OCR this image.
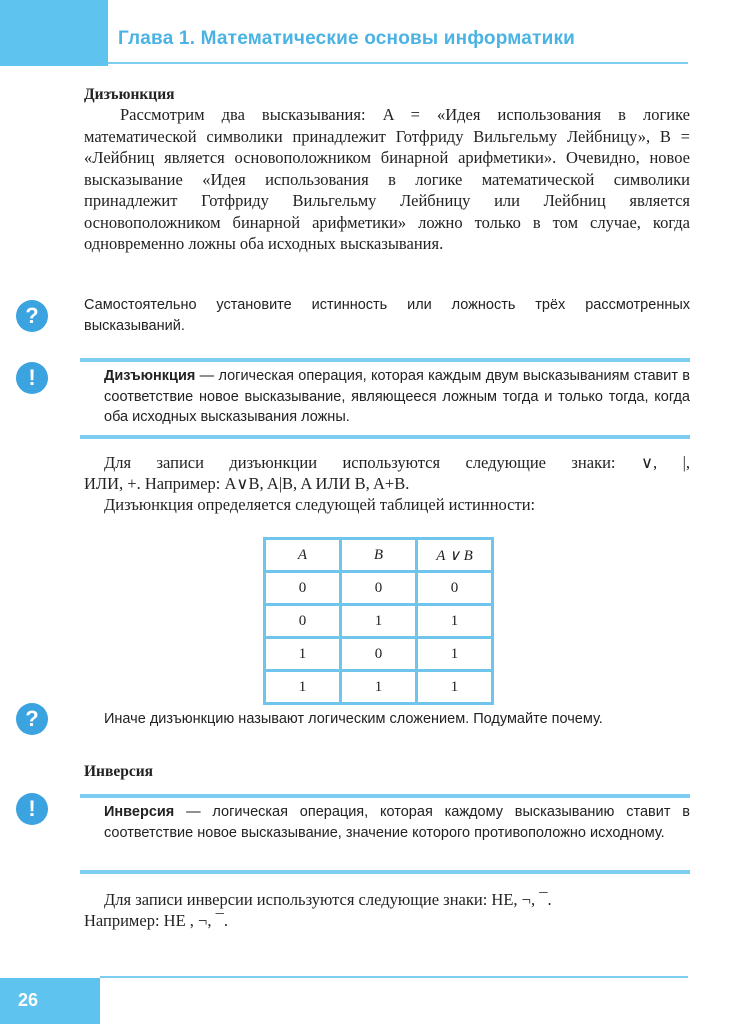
Глава 1. Математические основы информатики
Дизъюнкция
Рассмотрим два высказывания: A = «Идея использования в логике математической символики принадлежит Готфриду Вильгельму Лейбницу», B = «Лейбниц является основоположником бинарной арифметики». Очевидно, новое высказывание «Идея использования в логике математической символики принадлежит Готфриду Вильгельму Лейбницу или Лейбниц является основоположником бинарной арифметики» ложно только в том случае, когда одновременно ложны оба исходных высказывания.
?	Самостоятельно установите истинность или ложность трёх рассмотренных высказываний.
!	Дизъюнкция — логическая операция, которая каждым двум высказываниям ставит в соответствие новое высказывание, являющееся ложным тогда и только тогда, когда оба исходных высказывания ложны.
Для записи дизъюнкции используются следующие знаки: ∨, |,
ИЛИ, +. Например: A∨B, A|B, A ИЛИ B, A+B.
Дизъюнкция определяется следующей таблицей истинности:
A	B	A ∨ B
0	0	0
0	1	1
1	0	1
1	1	1
?	Иначе дизъюнкцию называют логическим сложением. Подумайте почему.
Инверсия
!	Инверсия — логическая операция, которая каждому высказыванию ставит в соответствие новое высказывание, значение которого противоположно исходному.
Для записи инверсии используются следующие знаки: НЕ, ¬, ¯.
Например: НЕ , ¬, ¯.
26
